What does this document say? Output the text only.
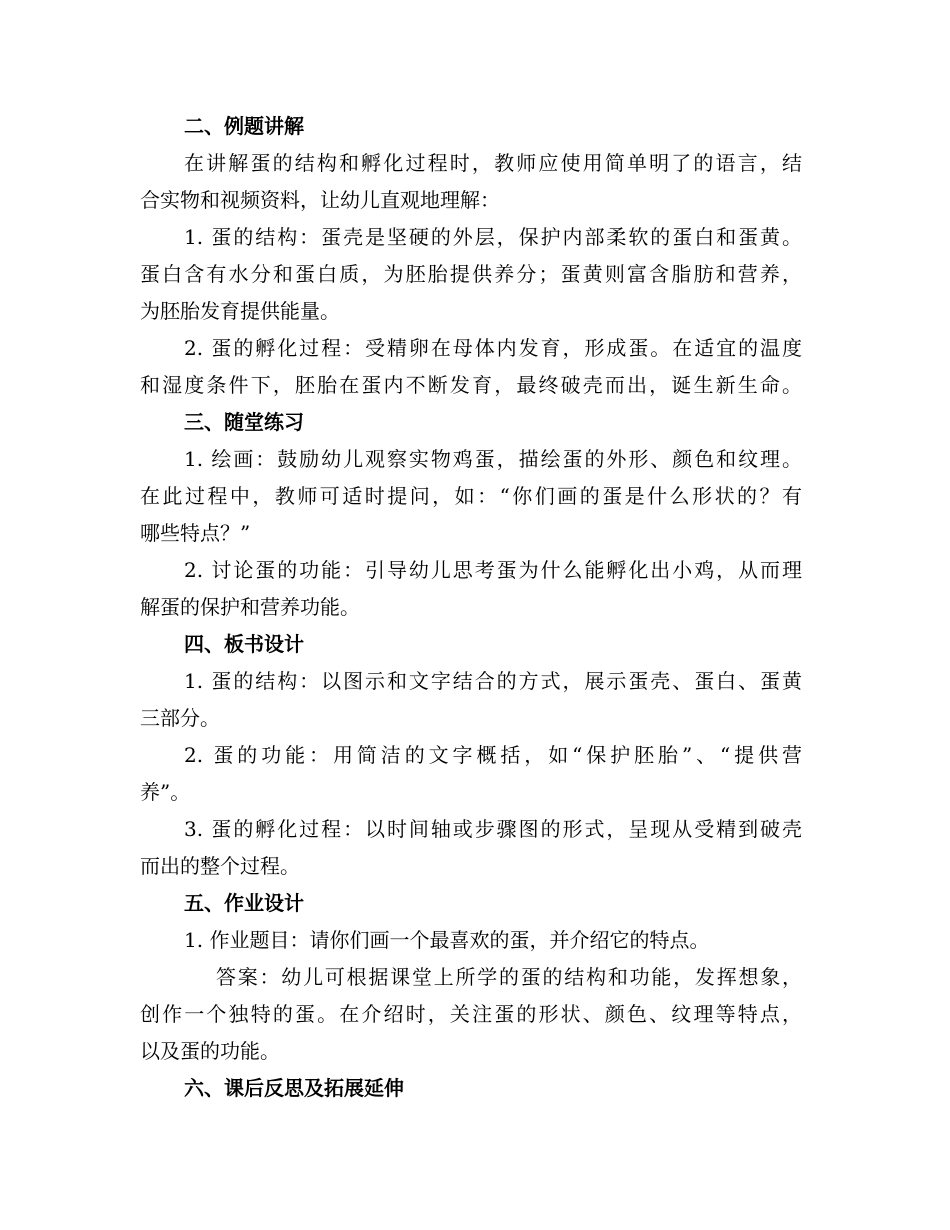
二、例题讲解
在讲解蛋的结构和孵化过程时，教师应使用简单明了的语言，结
合实物和视频资料，让幼儿直观地理解：
1. 蛋的结构：蛋壳是坚硬的外层，保护内部柔软的蛋白和蛋黄。
蛋白含有水分和蛋白质，为胚胎提供养分；蛋黄则富含脂肪和营养，
为胚胎发育提供能量。
2. 蛋的孵化过程：受精卵在母体内发育，形成蛋。在适宜的温度
和湿度条件下，胚胎在蛋内不断发育，最终破壳而出，诞生新生命。
三、随堂练习
1. 绘画：鼓励幼儿观察实物鸡蛋，描绘蛋的外形、颜色和纹理。
在此过程中，教师可适时提问，如：“你们画的蛋是什么形状的？有
哪些特点？”
2. 讨论蛋的功能：引导幼儿思考蛋为什么能孵化出小鸡，从而理
解蛋的保护和营养功能。
四、板书设计
1. 蛋的结构：以图示和文字结合的方式，展示蛋壳、蛋白、蛋黄
三部分。
2. 蛋的功能：用简洁的文字概括，如“保护胚胎”、“提供营
养”。
3. 蛋的孵化过程：以时间轴或步骤图的形式，呈现从受精到破壳
而出的整个过程。
五、作业设计
1. 作业题目：请你们画一个最喜欢的蛋，并介绍它的特点。
答案：幼儿可根据课堂上所学的蛋的结构和功能，发挥想象，
创作一个独特的蛋。在介绍时，关注蛋的形状、颜色、纹理等特点，
以及蛋的功能。
六、课后反思及拓展延伸
